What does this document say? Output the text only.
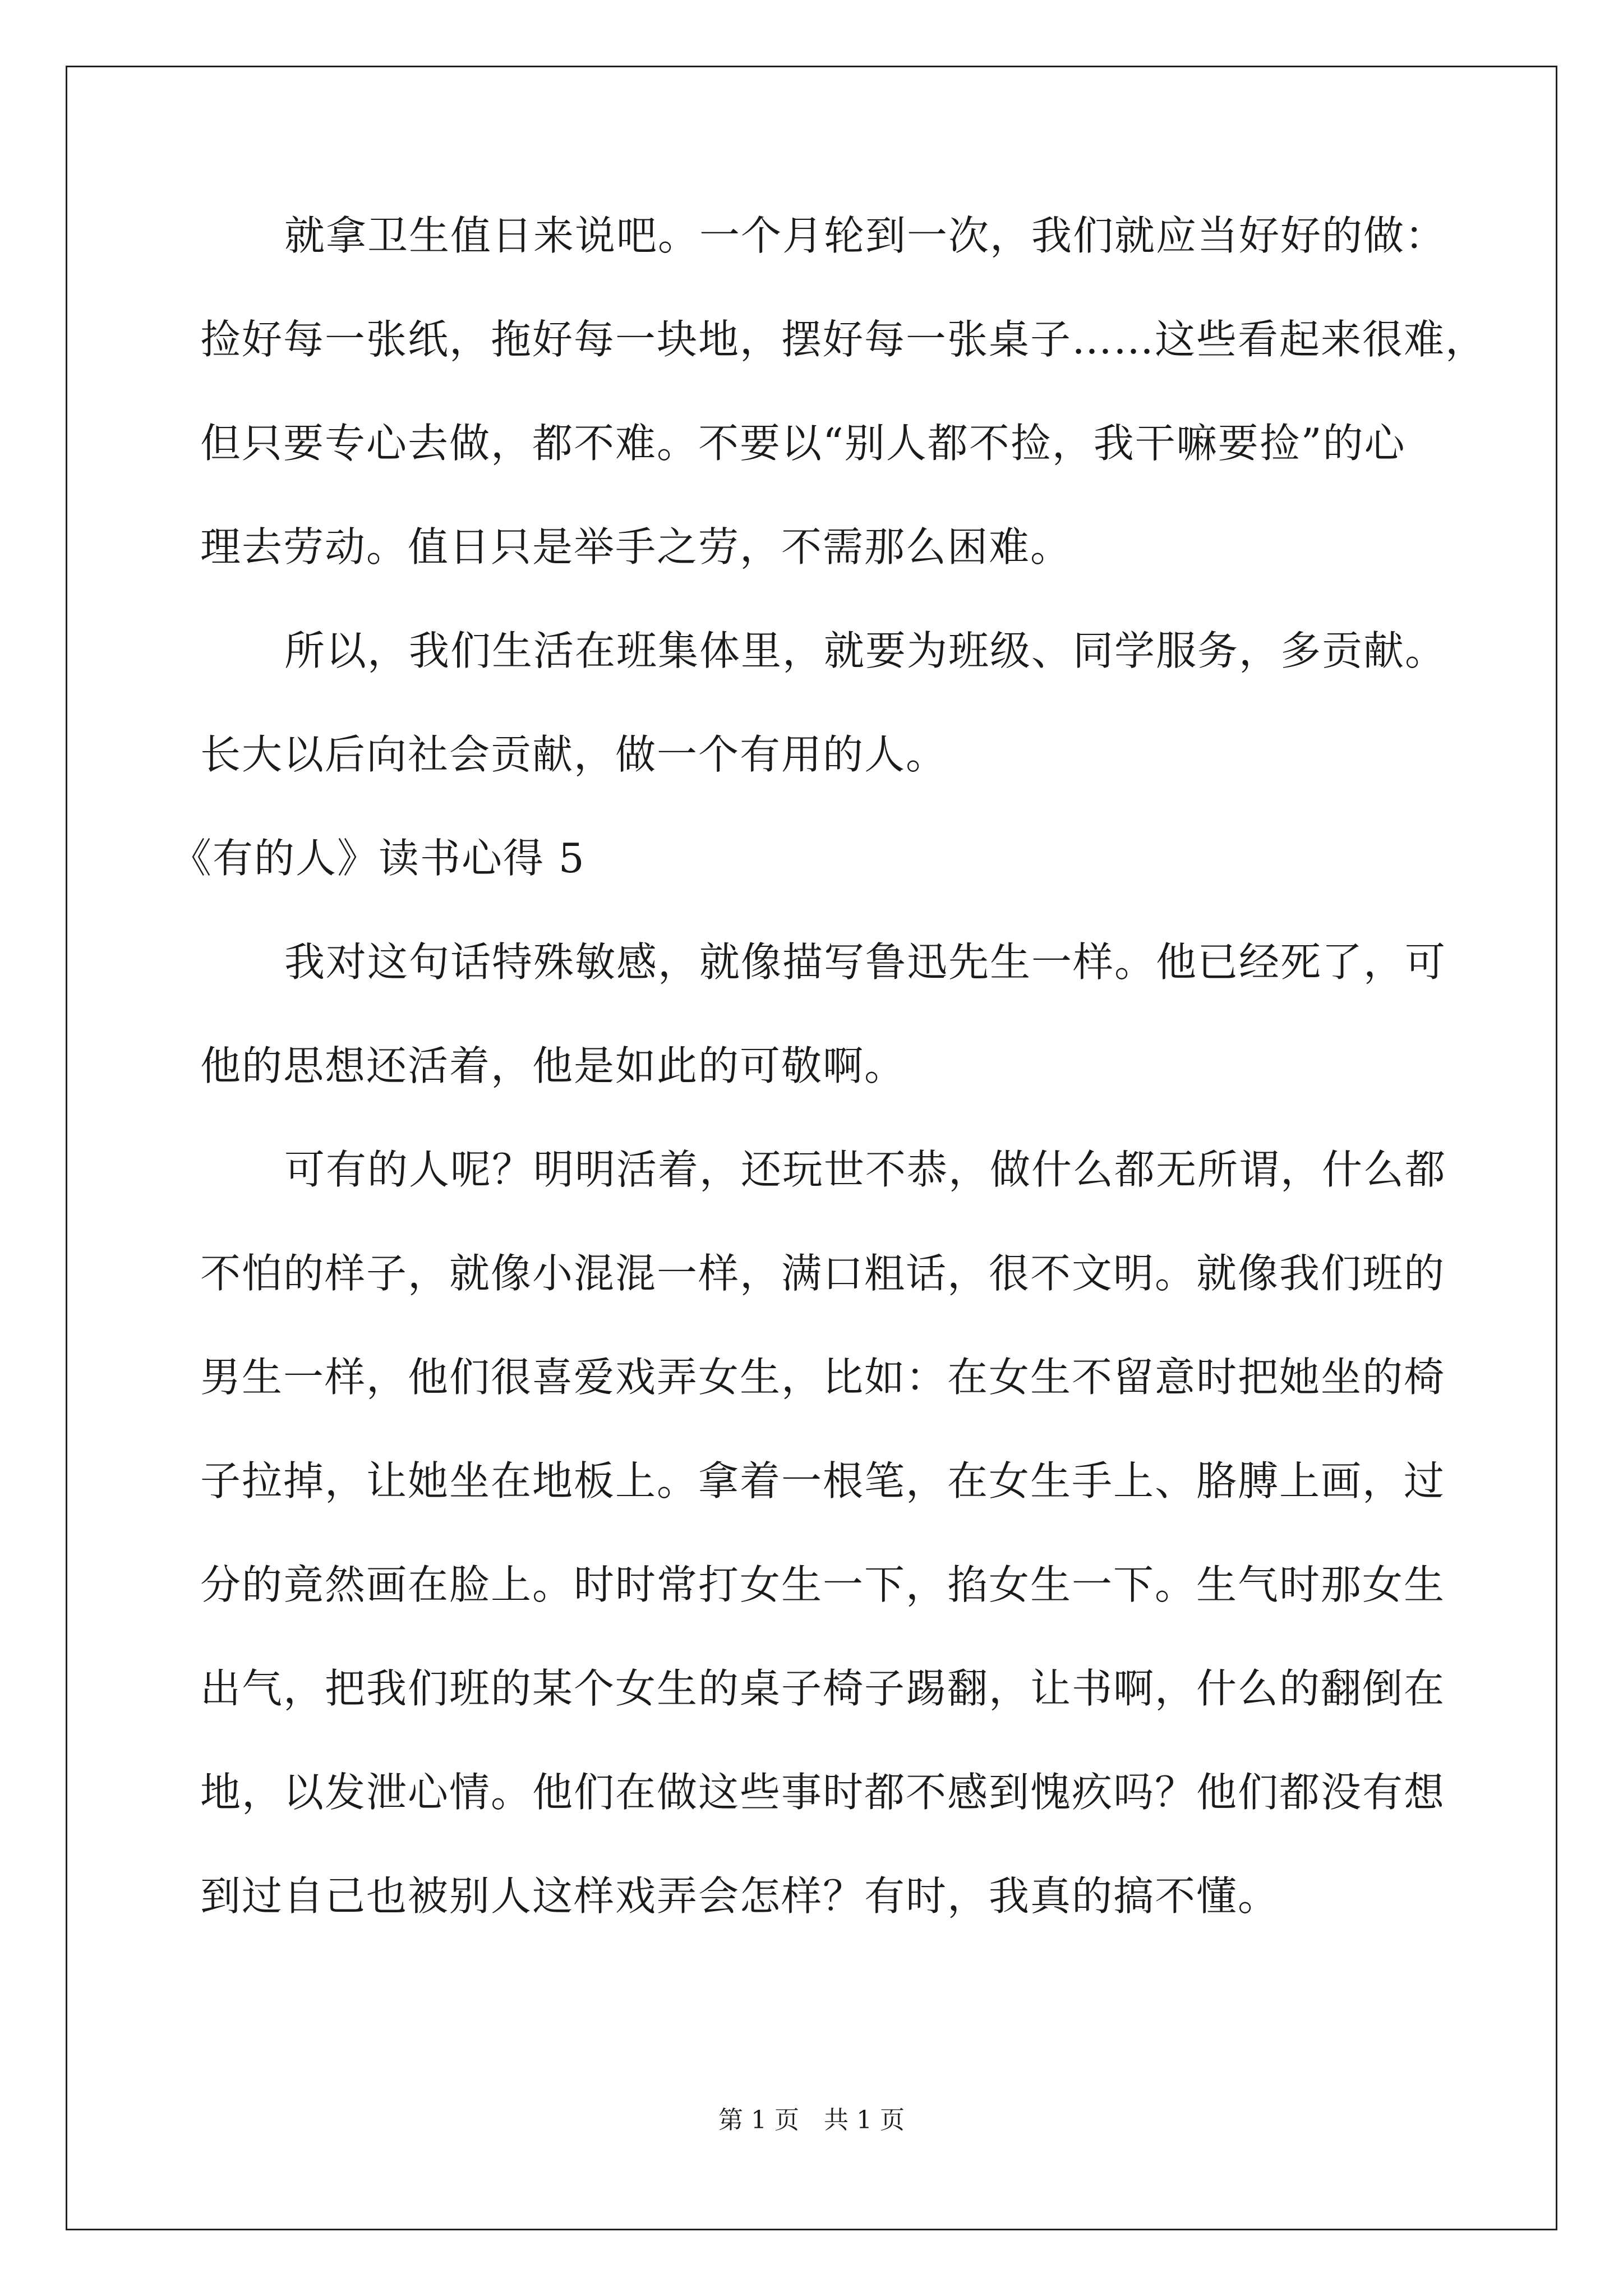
就拿卫生值日来说吧。一个月轮到一次，我们就应当好好的做：
捡好每一张纸，拖好每一块地，摆好每一张桌子……这些看起来很难，
但只要专心去做，都不难。不要以“别人都不捡，我干嘛要捡”的心
理去劳动。值日只是举手之劳，不需那么困难。
所以，我们生活在班集体里，就要为班级、同学服务，多贡献。
长大以后向社会贡献，做一个有用的人。
《有的人》读书心得 5
我对这句话特殊敏感，就像描写鲁迅先生一样。他已经死了，可
他的思想还活着，他是如此的可敬啊。
可有的人呢？明明活着，还玩世不恭，做什么都无所谓，什么都
不怕的样子，就像小混混一样，满口粗话，很不文明。就像我们班的
男生一样，他们很喜爱戏弄女生，比如：在女生不留意时把她坐的椅
子拉掉，让她坐在地板上。拿着一根笔，在女生手上、胳膊上画，过
分的竟然画在脸上。时时常打女生一下，掐女生一下。生气时那女生
出气，把我们班的某个女生的桌子椅子踢翻，让书啊，什么的翻倒在
地，以发泄心情。他们在做这些事时都不感到愧疚吗？他们都没有想
到过自己也被别人这样戏弄会怎样？有时，我真的搞不懂。
第 1 页 共 1 页
